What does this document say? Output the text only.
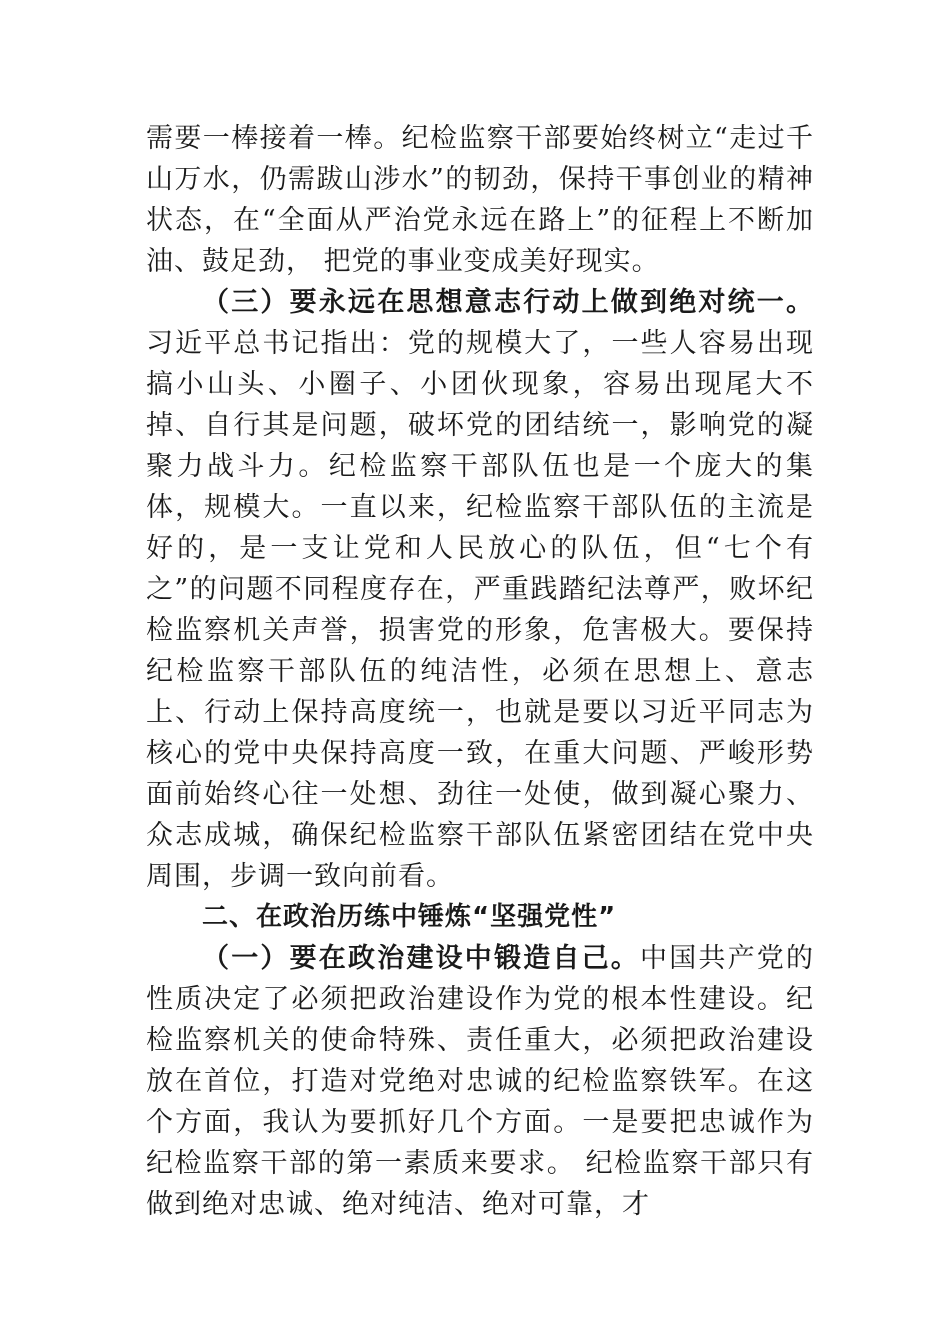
需要一棒接着一棒。纪检监察干部要始终树立“走过千山万水，仍需跋山涉水”的韧劲，保持干事创业的精神状态，在“全面从严治党永远在路上”的征程上不断加油、鼓足劲， 把党的事业变成美好现实。

（三）要永远在思想意志行动上做到绝对统一。习近平总书记指出：党的规模大了，一些人容易出现搞小山头、小圈子、小团伙现象，容易出现尾大不掉、自行其是问题，破坏党的团结统一，影响党的凝聚力战斗力。纪检监察干部队伍也是一个庞大的集体，规模大。一直以来，纪检监察干部队伍的主流是好的，是一支让党和人民放心的队伍，但“七个有之”的问题不同程度存在，严重践踏纪法尊严，败坏纪检监察机关声誉，损害党的形象，危害极大。要保持纪检监察干部队伍的纯洁性，必须在思想上、意志上、行动上保持高度统一，也就是要以习近平同志为核心的党中央保持高度一致，在重大问题、严峻形势面前始终心往一处想、劲往一处使，做到凝心聚力、众志成城，确保纪检监察干部队伍紧密团结在党中央周围，步调一致向前看。

二、在政治历练中锤炼“坚强党性”

（一）要在政治建设中锻造自己。中国共产党的性质决定了必须把政治建设作为党的根本性建设。纪检监察机关的使命特殊、责任重大，必须把政治建设放在首位，打造对党绝对忠诚的纪检监察铁军。在这个方面，我认为要抓好几个方面。一是要把忠诚作为纪检监察干部的第一素质来要求。 纪检监察干部只有做到绝对忠诚、绝对纯洁、绝对可靠，才
